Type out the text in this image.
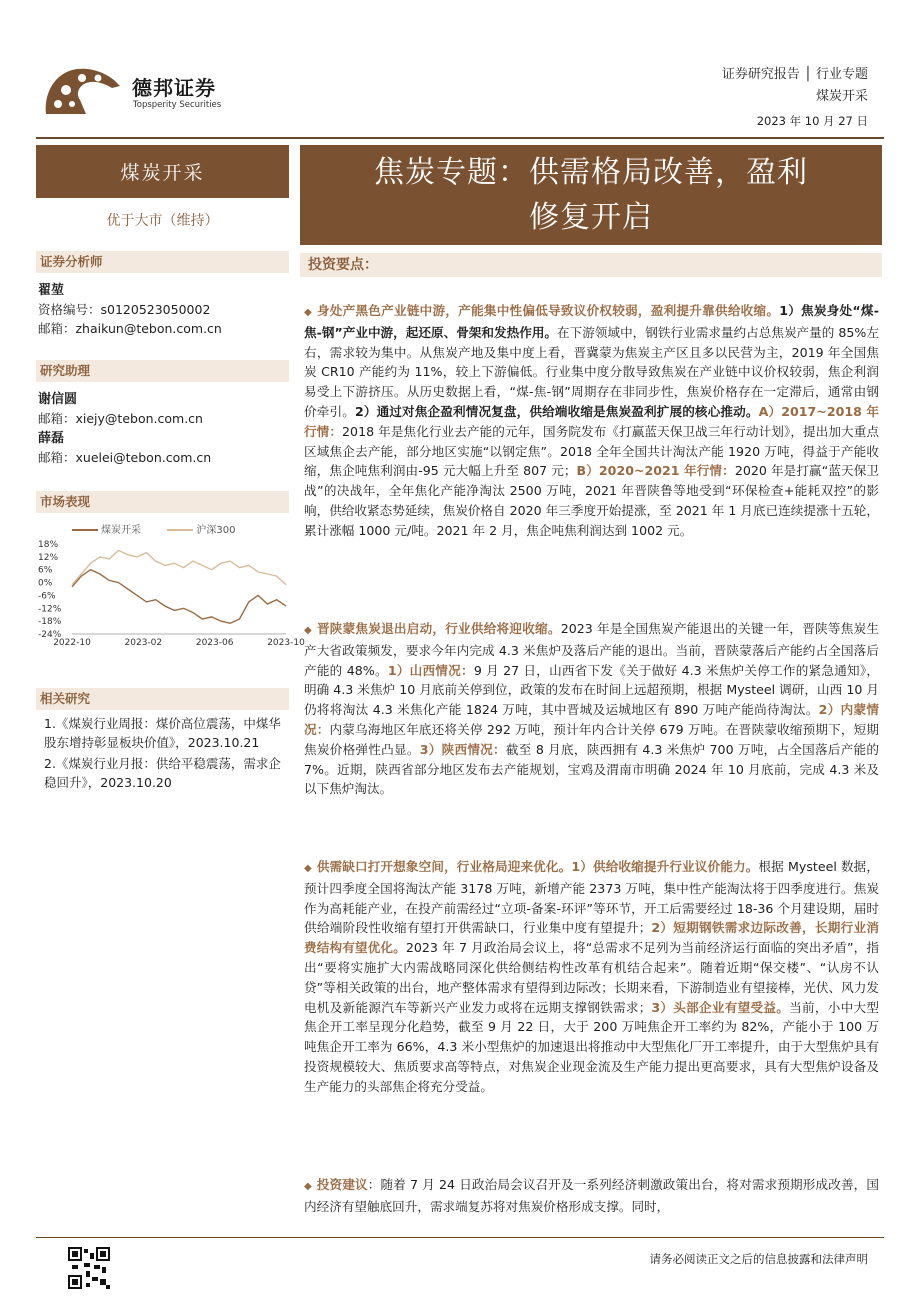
德邦证券
Topsperity Securities
证券研究报告 │ 行业专题
煤炭开采
2023 年 10 月 27 日
煤炭开采
优于大市（维持）
证券分析师
翟堃
资格编号：s0120523050002
邮箱：zhaikun@tebon.com.cn
研究助理
谢信圆
邮箱：xiejy@tebon.com.cn
薛磊
邮箱：xuelei@tebon.com.cn
市场表现
煤炭开采	沪深300
18%
12%
6%
0%
-6%
-12%
-18%
-24%
2022-10	2023-02	2023-06	2023-10
相关研究
1.《煤炭行业周报：煤价高位震荡，中煤华股东增持彰显板块价值》，2023.10.21
2.《煤炭行业月报：供给平稳震荡，需求企稳回升》，2023.10.20
焦炭专题：供需格局改善，盈利
修复开启
投资要点：
◆ 身处产黑色产业链中游，产能集中性偏低导致议价权较弱，盈利提升靠供给收缩。1）焦炭身处“煤-焦-钢”产业中游，起还原、骨架和发热作用。在下游领域中，钢铁行业需求量约占总焦炭产量的 85%左右，需求较为集中。从焦炭产地及集中度上看，晋冀蒙为焦炭主产区且多以民营为主，2019 年全国焦炭 CR10 产能约为 11%，较上下游偏低。行业集中度分散导致焦炭在产业链中议价权较弱，焦企利润易受上下游挤压。从历史数据上看，“煤-焦-钢”周期存在非同步性，焦炭价格存在一定滞后，通常由钢价牵引。2）通过对焦企盈利情况复盘，供给端收缩是焦炭盈利扩展的核心推动。A）2017~2018 年行情：2018 年是焦化行业去产能的元年，国务院发布《打赢蓝天保卫战三年行动计划》，提出加大重点区域焦企去产能，部分地区实施“以钢定焦”。2018 全年全国共计淘汰产能 1920 万吨，得益于产能收缩，焦企吨焦利润由-95 元大幅上升至 807 元；B）2020~2021 年行情：2020 年是打赢“蓝天保卫战”的决战年，全年焦化产能净淘汰 2500 万吨，2021 年晋陕鲁等地受到“环保检查+能耗双控”的影响，供给收紧态势延续，焦炭价格自 2020 年三季度开始提涨，至 2021 年 1 月底已连续提涨十五轮，累计涨幅 1000 元/吨。2021 年 2 月，焦企吨焦利润达到 1002 元。
◆ 晋陕蒙焦炭退出启动，行业供给将迎收缩。2023 年是全国焦炭产能退出的关键一年，晋陕等焦炭生产大省政策频发，要求今年内完成 4.3 米焦炉及落后产能的退出。当前，晋陕蒙落后产能约占全国落后产能的 48%。1）山西情况：9 月 27 日，山西省下发《关于做好 4.3 米焦炉关停工作的紧急通知》，明确 4.3 米焦炉 10 月底前关停到位，政策的发布在时间上远超预期，根据 Mysteel 调研，山西 10 月仍将将淘汰 4.3 米焦化产能 1824 万吨，其中晋城及运城地区有 890 万吨产能尚待淘汰。2）内蒙情况：内蒙乌海地区年底还将关停 292 万吨，预计年内合计关停 679 万吨。在晋陕蒙收缩预期下，短期焦炭价格弹性凸显。3）陕西情况：截至 8 月底，陕西拥有 4.3 米焦炉 700 万吨，占全国落后产能的 7%。近期，陕西省部分地区发布去产能规划，宝鸡及渭南市明确 2024 年 10 月底前，完成 4.3 米及以下焦炉淘汰。
◆ 供需缺口打开想象空间，行业格局迎来优化。1）供给收缩提升行业议价能力。根据 Mysteel 数据，预计四季度全国将淘汰产能 3178 万吨，新增产能 2373 万吨，集中性产能淘汰将于四季度进行。焦炭作为高耗能产业，在投产前需经过“立项-备案-环评”等环节，开工后需要经过 18-36 个月建设期，届时供给端阶段性收缩有望打开供需缺口，行业集中度有望提升；2）短期钢铁需求边际改善，长期行业消费结构有望优化。2023 年 7 月政治局会议上，将“总需求不足列为当前经济运行面临的突出矛盾”，指出“要将实施扩大内需战略同深化供给侧结构性改革有机结合起来”。随着近期“保交楼”、“认房不认贷”等相关政策的出台，地产整体需求有望得到边际改；长期来看，下游制造业有望接棒，光伏、风力发电机及新能源汽车等新兴产业发力或将在远期支撑钢铁需求；3）头部企业有望受益。当前，小中大型焦企开工率呈现分化趋势，截至 9 月 22 日，大于 200 万吨焦企开工率约为 82%，产能小于 100 万吨焦企开工率为 66%，4.3 米小型焦炉的加速退出将推动中大型焦化厂开工率提升，由于大型焦炉具有投资规模较大、焦质要求高等特点，对焦炭企业现金流及生产能力提出更高要求，具有大型焦炉设备及生产能力的头部焦企将充分受益。
◆ 投资建议：随着 7 月 24 日政治局会议召开及一系列经济刺激政策出台，将对需求预期形成改善，国内经济有望触底回升，需求端复苏将对焦炭价格形成支撑。同时，
请务必阅读正文之后的信息披露和法律声明
